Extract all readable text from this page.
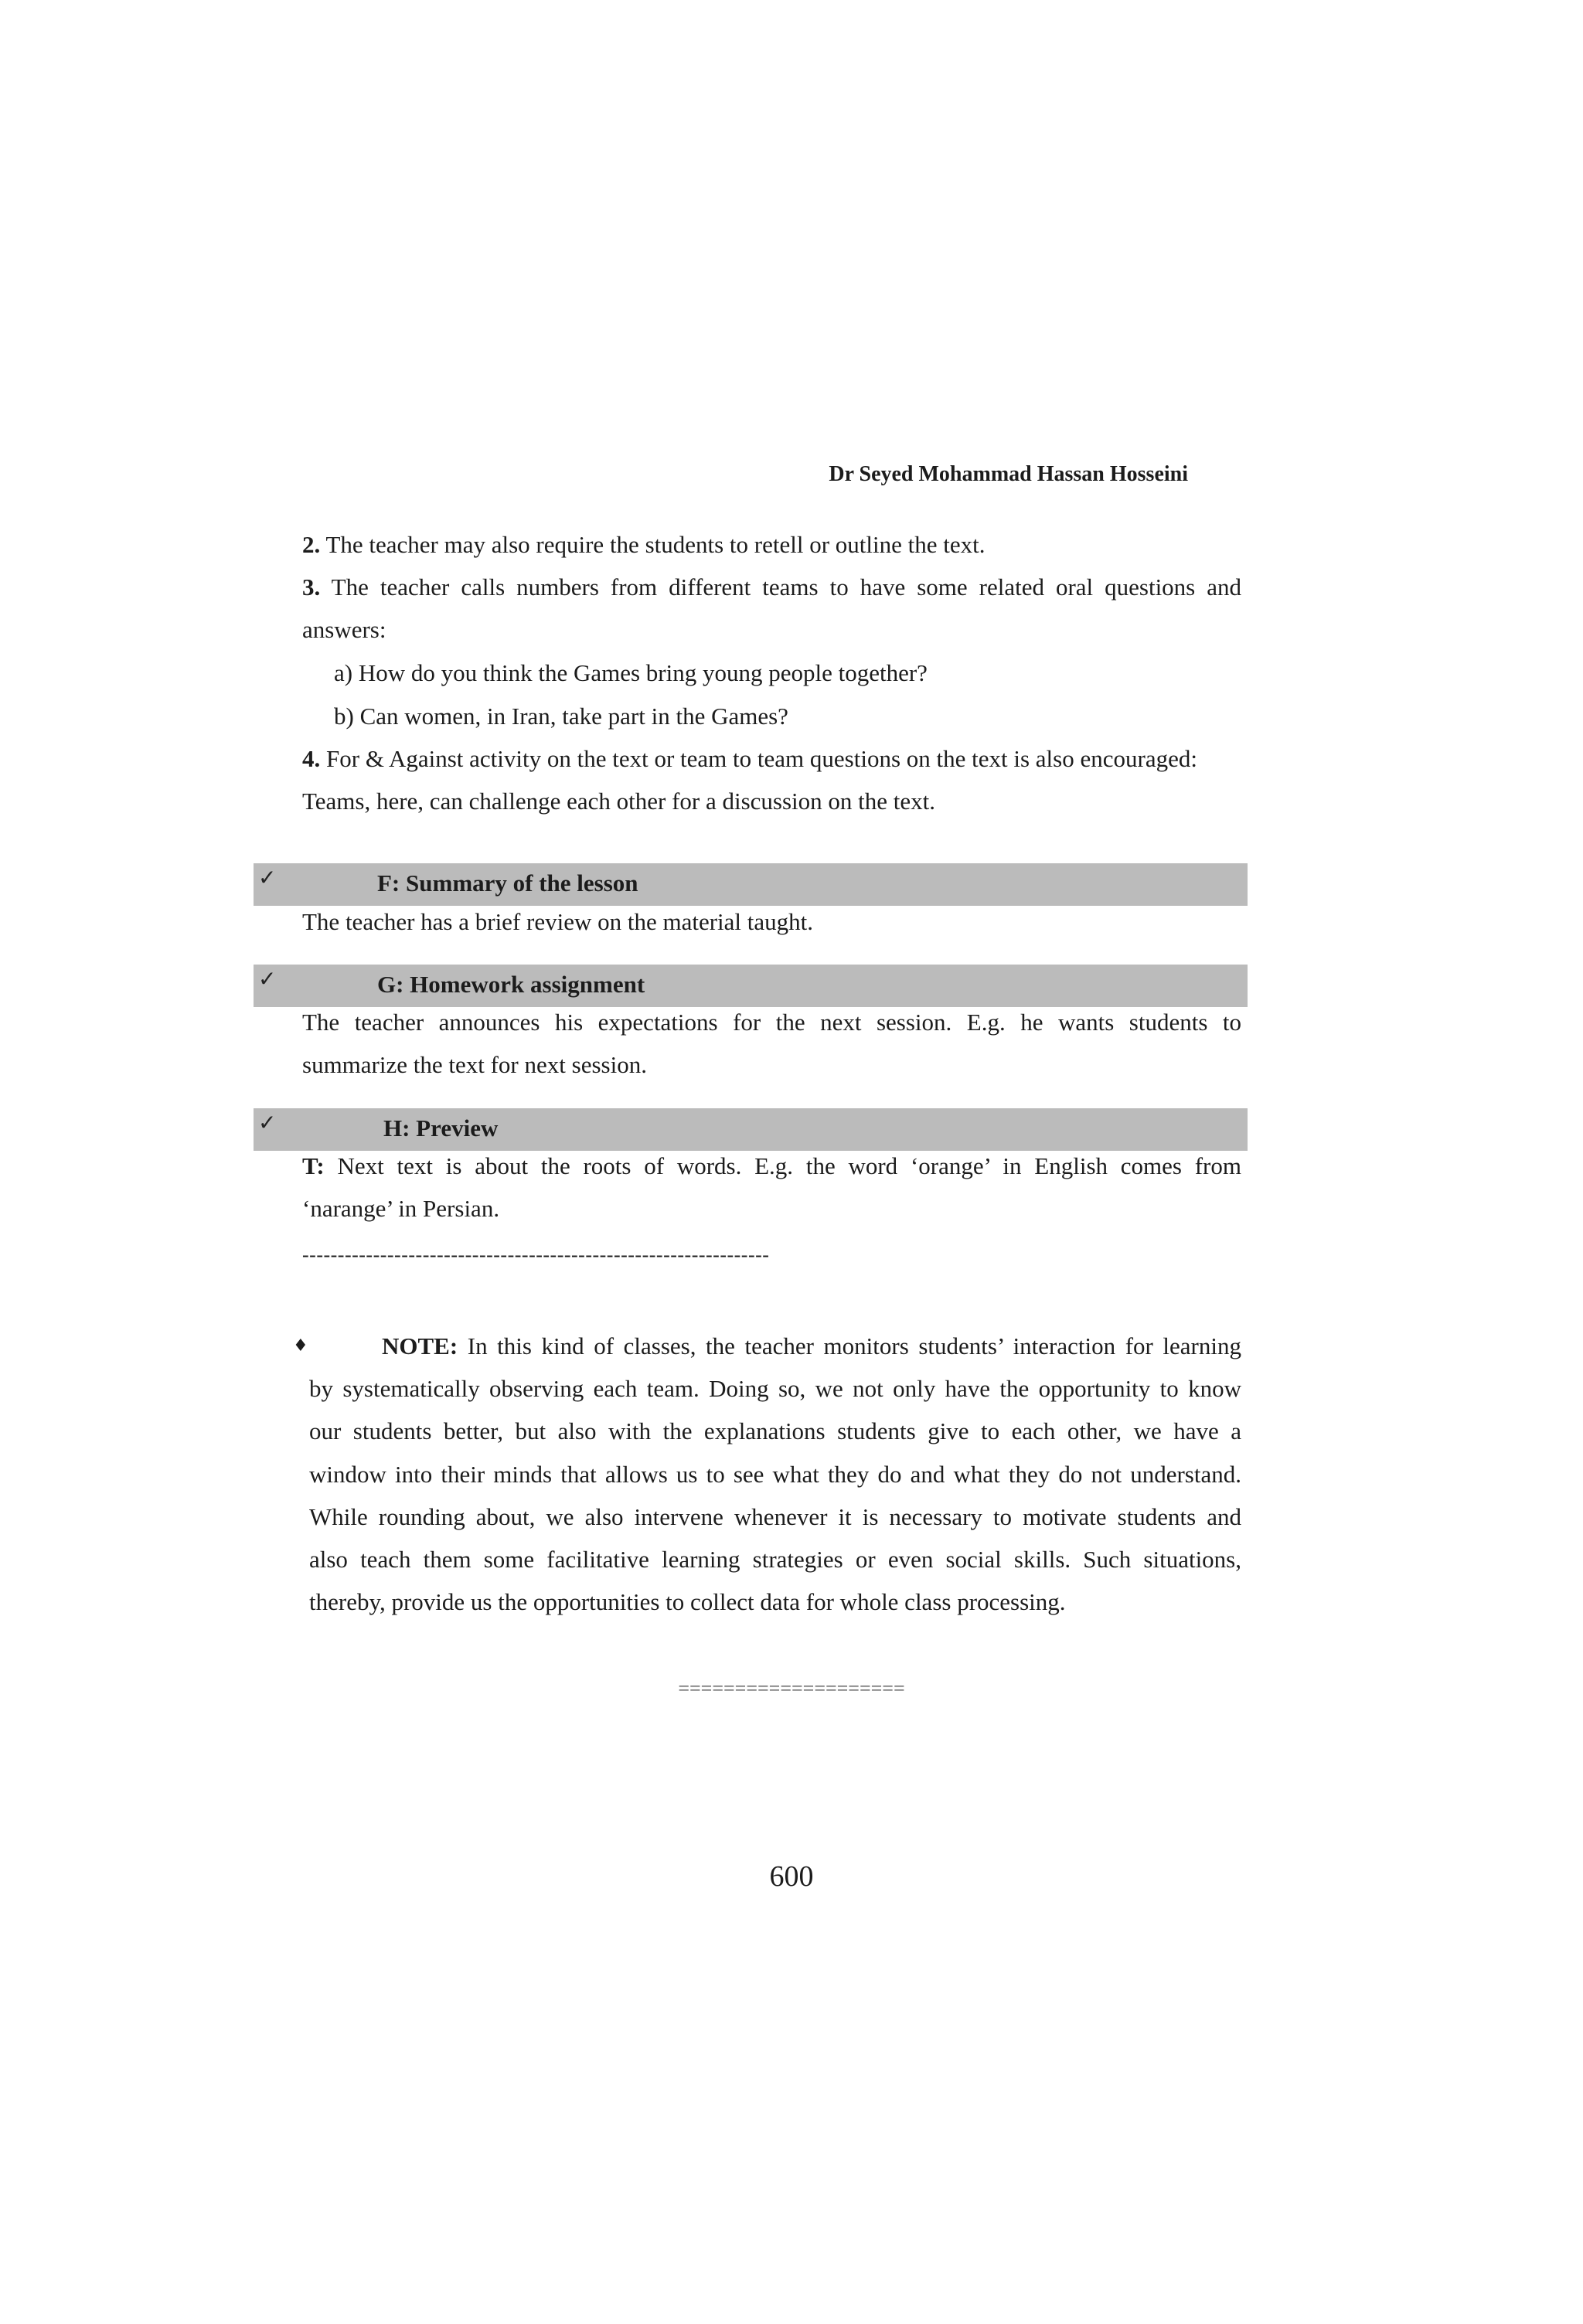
Dr Seyed Mohammad Hassan Hosseini
2. The teacher may also require the students to retell or outline the text.
3. The teacher calls numbers from different teams to have some related oral questions and
answers:
a) How do you think the Games bring young people together?
b) Can women, in Iran, take part in the Games?
4. For & Against activity on the text or team to team questions on the text is also encouraged:
Teams, here, can challenge each other for a discussion on the text.
✓	F: Summary of the lesson
The teacher has a brief review on the material taught.
✓	G: Homework assignment
The teacher announces his expectations for the next session. E.g. he wants students to
summarize the text for next session.
✓	H: Preview
T: Next text is about the roots of words. E.g. the word ‘orange’ in English comes from
‘narange’ in Persian.
------------------------------------------------------------------
♦	NOTE: In this kind of classes, the teacher monitors students’ interaction for learning
by systematically observing each team. Doing so, we not only have the opportunity to know
our students better, but also with the explanations students give to each other, we have a
window into their minds that allows us to see what they do and what they do not understand.
While rounding about, we also intervene whenever it is necessary to motivate students and
also teach them some facilitative learning strategies or even social skills. Such situations,
thereby, provide us the opportunities to collect data for whole class processing.
====================
600
